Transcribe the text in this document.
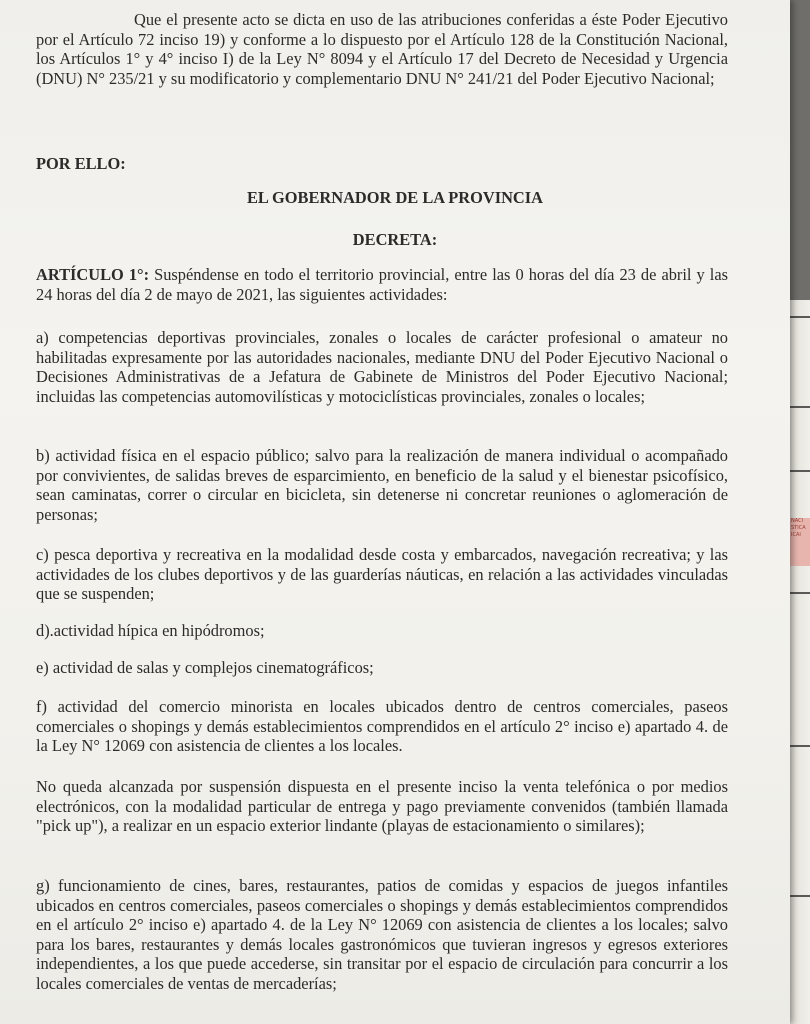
NACI STICA ICAI

Que el presente acto se dicta en uso de las atribuciones conferidas a éste Poder Ejecutivo por el Artículo 72 inciso 19) y conforme a lo dispuesto por el Artículo 128 de la Constitución Nacional, los Artículos 1° y 4° inciso I) de la Ley N° 8094 y el Artículo 17 del Decreto de Necesidad y Urgencia (DNU) N° 235/21 y su modificatorio y complementario DNU N° 241/21 del Poder Ejecutivo Nacional;

POR ELLO:

EL GOBERNADOR DE LA PROVINCIA

DECRETA:

ARTÍCULO 1°: Suspéndense en todo el territorio provincial, entre las 0 horas del día 23 de abril y las 24 horas del día 2 de mayo de 2021, las siguientes actividades:

a) competencias deportivas provinciales, zonales o locales de carácter profesional o amateur no habilitadas expresamente por las autoridades nacionales, mediante DNU del Poder Ejecutivo Nacional o Decisiones Administrativas de a Jefatura de Gabinete de Ministros del Poder Ejecutivo Nacional; incluidas las competencias automovilísticas y motociclísticas provinciales, zonales o locales;

b) actividad física en el espacio público; salvo para la realización de manera individual o acompañado por convivientes, de salidas breves de esparcimiento, en beneficio de la salud y el bienestar psicofísico, sean caminatas, correr o circular en bicicleta, sin detenerse ni concretar reuniones o aglomeración de personas;

c) pesca deportiva y recreativa en la modalidad desde costa y embarcados, navegación recreativa; y las actividades de los clubes deportivos y de las guarderías náuticas, en relación a las actividades vinculadas que se suspenden;

d).actividad hípica en hipódromos;

e) actividad de salas y complejos cinematográficos;

f) actividad del comercio minorista en locales ubicados dentro de centros comerciales, paseos comerciales o shopings y demás establecimientos comprendidos en el artículo 2° inciso e) apartado 4. de la Ley N° 12069 con asistencia de clientes a los locales.

No queda alcanzada por suspensión dispuesta en el presente inciso la venta telefónica o por medios electrónicos, con la modalidad particular de entrega y pago previamente convenidos (también llamada "pick up"), a realizar en un espacio exterior lindante (playas de estacionamiento o similares);

g) funcionamiento de cines, bares, restaurantes, patios de comidas y espacios de juegos infantiles ubicados en centros comerciales, paseos comerciales o shopings y demás establecimientos comprendidos en el artículo 2° inciso e) apartado 4. de la Ley N° 12069 con asistencia de clientes a los locales; salvo para los bares, restaurantes y demás locales gastronómicos que tuvieran ingresos y egresos exteriores independientes, a los que puede accederse, sin transitar por el espacio de circulación para concurrir a los locales comerciales de ventas de mercaderías;
